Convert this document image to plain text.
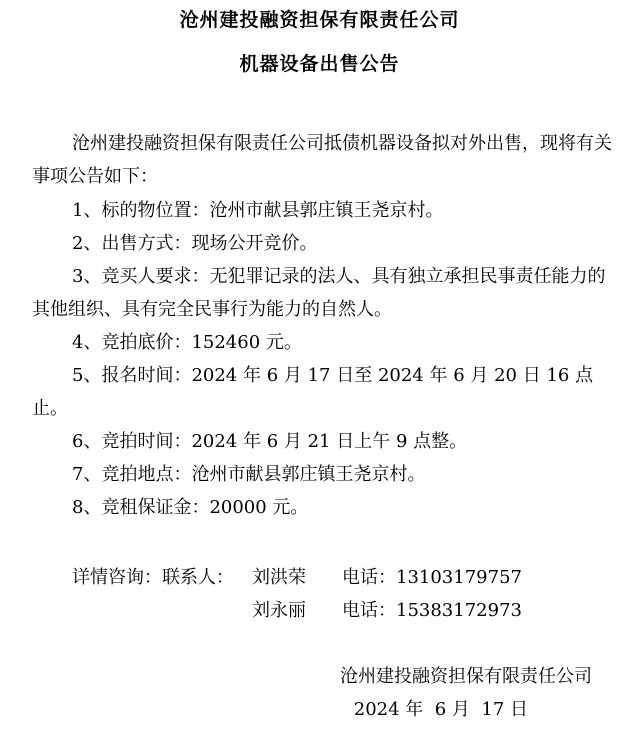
沧州建投融资担保有限责任公司
机器设备出售公告

沧州建投融资担保有限责任公司抵债机器设备拟对外出售，现将有关事项公告如下：

1、标的物位置：沧州市献县郭庄镇王尧京村。

2、出售方式：现场公开竞价。

3、竞买人要求：无犯罪记录的法人、具有独立承担民事责任能力的其他组织、具有完全民事行为能力的自然人。

4、竞拍底价：152460 元。

5、报名时间：2024 年 6 月 17 日至 2024 年 6 月 20 日 16 点止。

6、竞拍时间：2024 年 6 月 21 日上午 9 点整。

7、竞拍地点：沧州市献县郭庄镇王尧京村。

8、竞租保证金：20000 元。

详情咨询：联系人： 刘洪荣 电话：13103179757
刘永丽 电话：15383172973
沧州建投融资担保有限责任公司
2024 年  6 月  17 日
